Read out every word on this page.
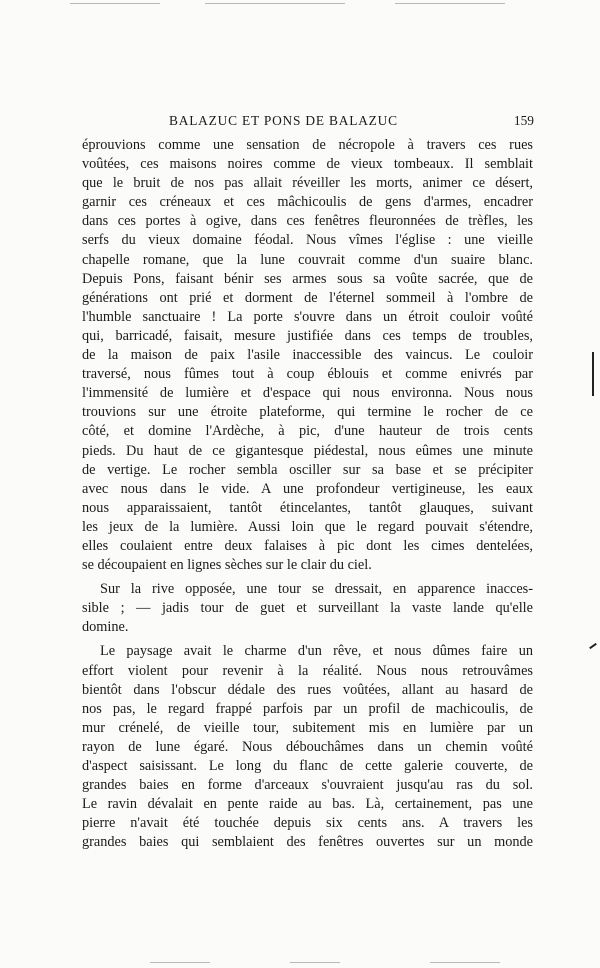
BALAZUC ET PONS DE BALAZUC	159

éprouvions comme une sensation de nécropole à travers ces rues
voûtées, ces maisons noires comme de vieux tombeaux. Il semblait
que le bruit de nos pas allait réveiller les morts, animer ce désert,
garnir ces créneaux et ces mâchicoulis de gens d'armes, encadrer
dans ces portes à ogive, dans ces fenêtres fleuronnées de trèfles, les
serfs du vieux domaine féodal. Nous vîmes l'église : une vieille
chapelle romane, que la lune couvrait comme d'un suaire blanc.
Depuis Pons, faisant bénir ses armes sous sa voûte sacrée, que de
générations ont prié et dorment de l'éternel sommeil à l'ombre de
l'humble sanctuaire ! La porte s'ouvre dans un étroit couloir voûté
qui, barricadé, faisait, mesure justifiée dans ces temps de troubles,
de la maison de paix l'asile inaccessible des vaincus. Le couloir
traversé, nous fûmes tout à coup éblouis et comme enivrés par
l'immensité de lumière et d'espace qui nous environna. Nous nous
trouvions sur une étroite plateforme, qui termine le rocher de ce
côté, et domine l'Ardèche, à pic, d'une hauteur de trois cents
pieds. Du haut de ce gigantesque piédestal, nous eûmes une minute
de vertige. Le rocher sembla osciller sur sa base et se précipiter
avec nous dans le vide. A une profondeur vertigineuse, les eaux
nous apparaissaient, tantôt étincelantes, tantôt glauques, suivant
les jeux de la lumière. Aussi loin que le regard pouvait s'étendre,
elles coulaient entre deux falaises à pic dont les cimes dentelées,
se découpaient en lignes sèches sur le clair du ciel.

Sur la rive opposée, une tour se dressait, en apparence inacces-
sible ; — jadis tour de guet et surveillant la vaste lande qu'elle
domine.

Le paysage avait le charme d'un rêve, et nous dûmes faire un
effort violent pour revenir à la réalité. Nous nous retrouvâmes
bientôt dans l'obscur dédale des rues voûtées, allant au hasard de
nos pas, le regard frappé parfois par un profil de machicoulis, de
mur crénelé, de vieille tour, subitement mis en lumière par un
rayon de lune égaré. Nous débouchâmes dans un chemin voûté
d'aspect saisissant. Le long du flanc de cette galerie couverte, de
grandes baies en forme d'arceaux s'ouvraient jusqu'au ras du sol.
Le ravin dévalait en pente raide au bas. Là, certainement, pas une
pierre n'avait été touchée depuis six cents ans. A travers les
grandes baies qui semblaient des fenêtres ouvertes sur un monde
